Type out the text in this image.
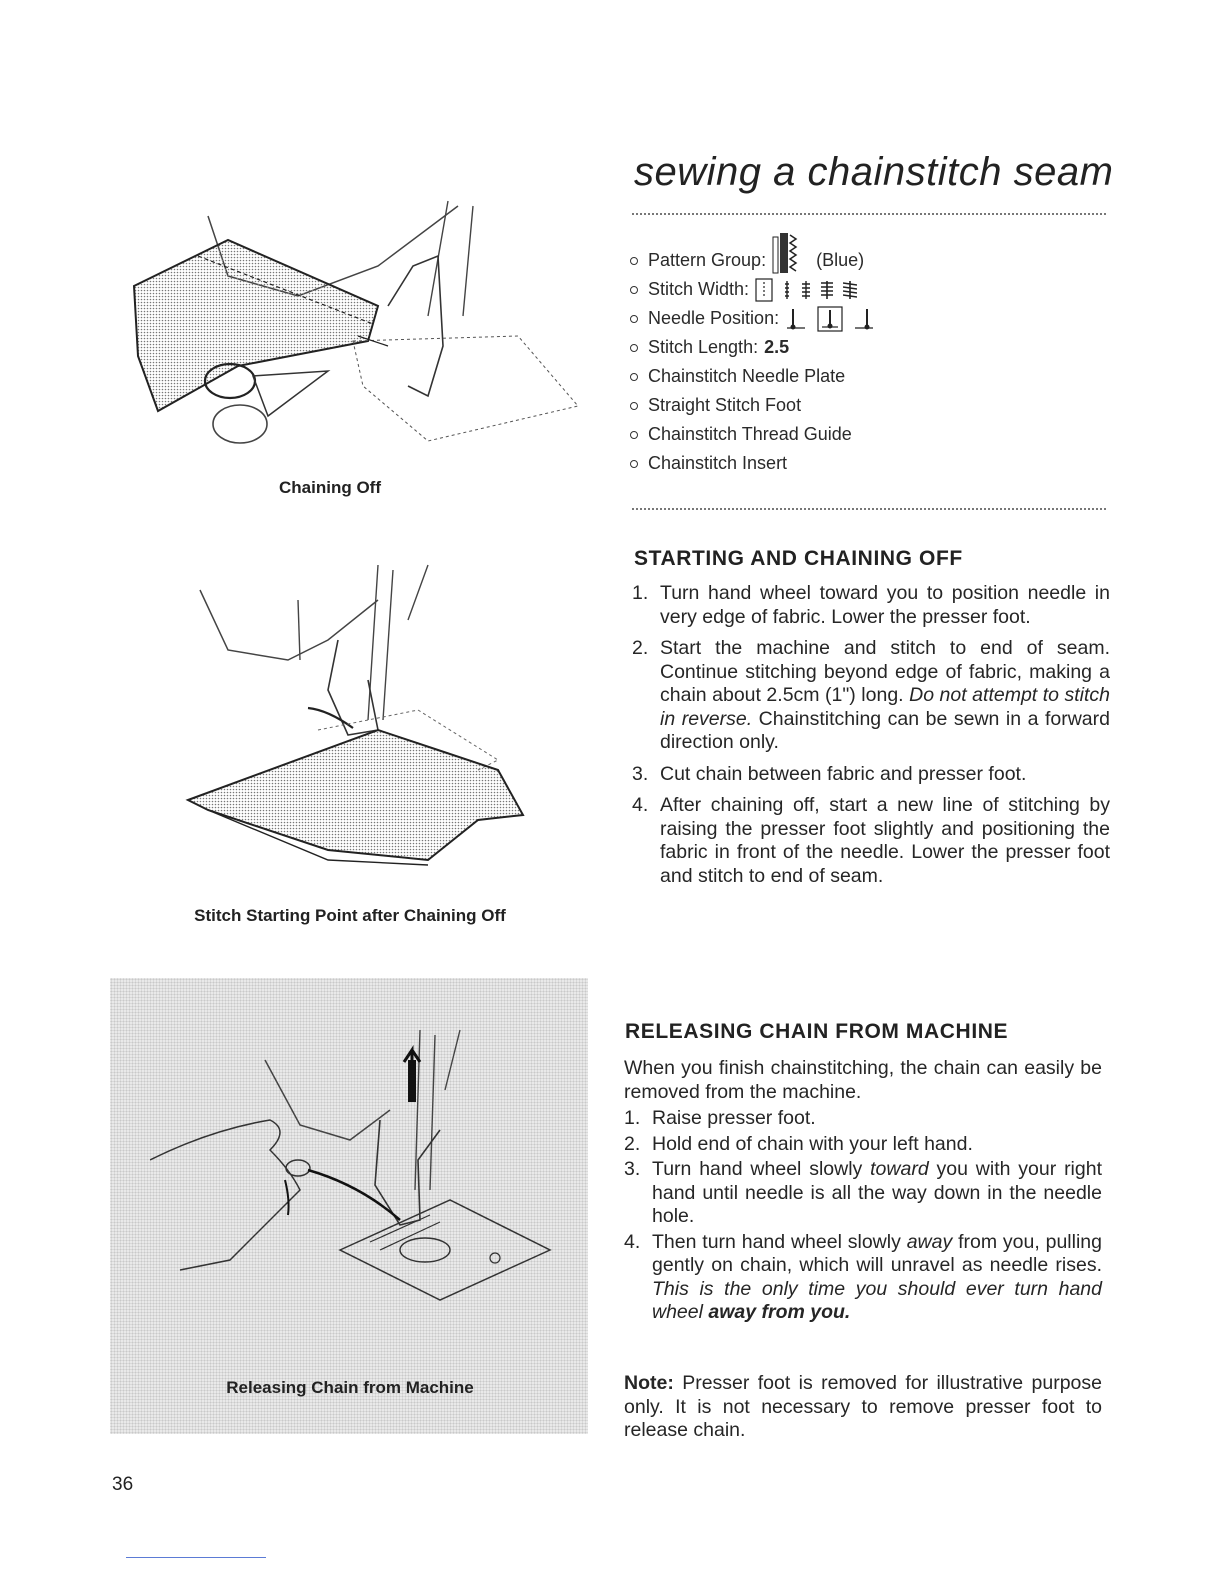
sewing a chainstitch seam
Pattern Group:	(Blue)
Stitch Width:
Needle Position:
Stitch Length: 2.5
Chainstitch Needle Plate
Straight Stitch Foot
Chainstitch Thread Guide
Chainstitch Insert
Chaining Off
STARTING AND CHAINING OFF
1. Turn hand wheel toward you to position needle in very edge of fabric. Lower the presser foot.
2. Start the machine and stitch to end of seam. Continue stitching beyond edge of fabric, making a chain about 2.5cm (1") long. Do not attempt to stitch in reverse. Chainstitching can be sewn in a forward direction only.
3. Cut chain between fabric and presser foot.
4. After chaining off, start a new line of stitching by raising the presser foot slightly and positioning the fabric in front of the needle. Lower the presser foot and stitch to end of seam.
Stitch Starting Point after Chaining Off
Releasing Chain from Machine
RELEASING CHAIN FROM MACHINE
When you finish chainstitching, the chain can easily be removed from the machine.
1. Raise presser foot.
2. Hold end of chain with your left hand.
3. Turn hand wheel slowly toward you with your right hand until needle is all the way down in the needle hole.
4. Then turn hand wheel slowly away from you, pulling gently on chain, which will unravel as needle rises. This is the only time you should ever turn hand wheel away from you.
Note: Presser foot is removed for illustrative purpose only. It is not necessary to remove presser foot to release chain.
36
